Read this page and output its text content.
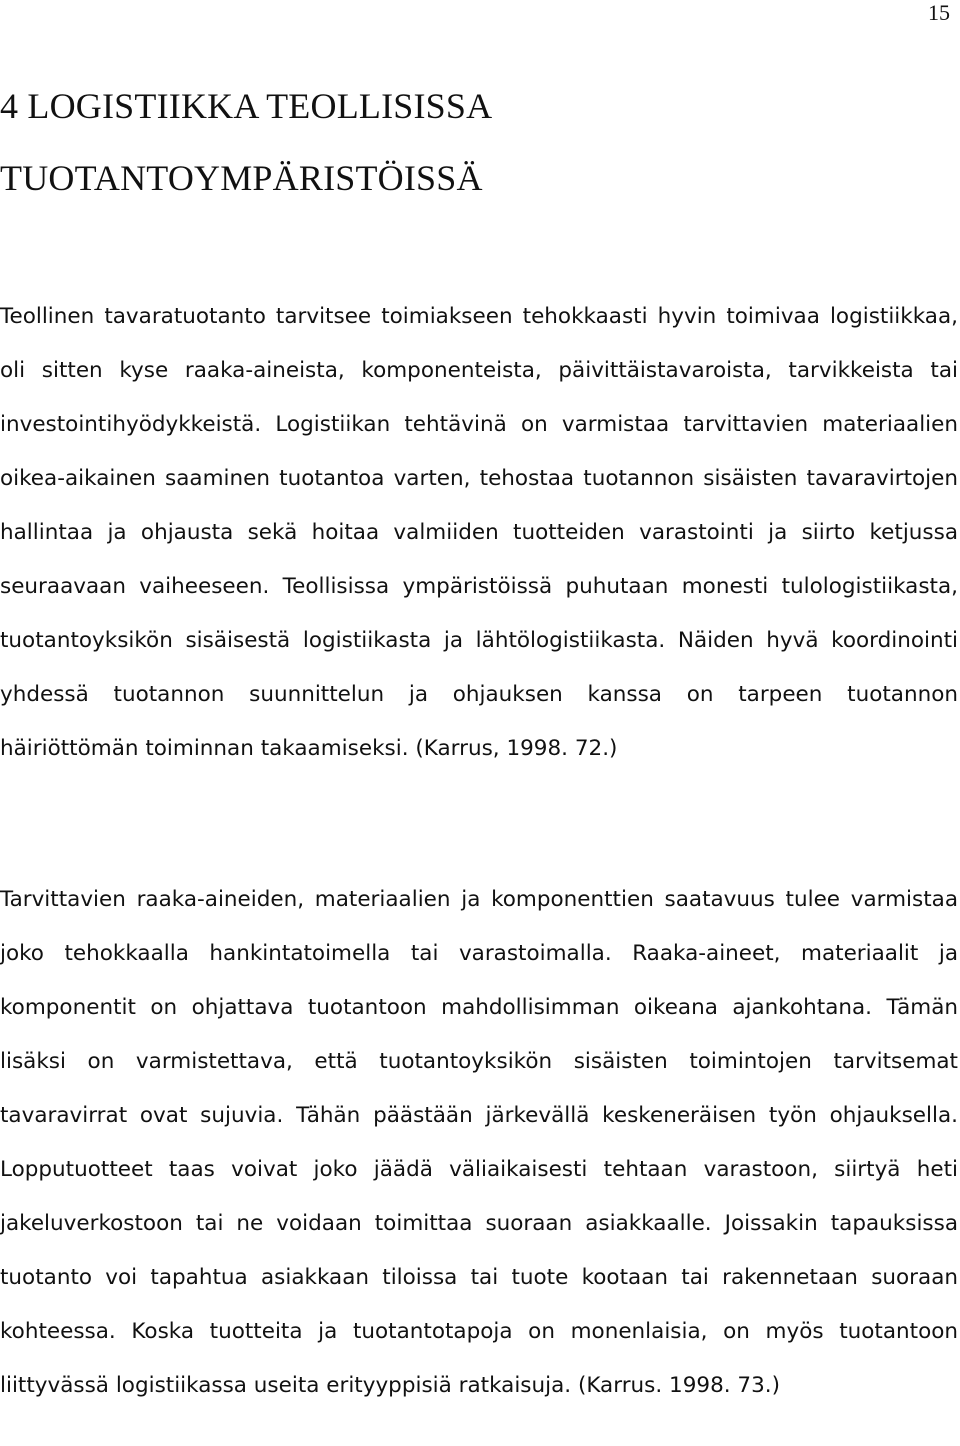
15
4 LOGISTIIKKA TEOLLISISSA TUOTANTOYMPÄRISTÖISSÄ

Teollinen tavaratuotanto tarvitsee toimiakseen tehokkaasti hyvin toimivaa logistiikkaa, oli sitten kyse raaka-aineista, komponenteista, päivittäistavaroista, tarvikkeista tai investointihyödykkeistä. Logistiikan tehtävinä on varmistaa tarvittavien materiaalien oikea-aikainen saaminen tuotantoa varten, tehostaa tuotannon sisäisten tavaravirtojen hallintaa ja ohjausta sekä hoitaa valmiiden tuotteiden varastointi ja siirto ketjussa seuraavaan vaiheeseen. Teollisissa ympäristöissä puhutaan monesti tulologistiikasta, tuotantoyksikön sisäisestä logistiikasta ja lähtölogistiikasta. Näiden hyvä koordinointi yhdessä tuotannon suunnittelun ja ohjauksen kanssa on tarpeen tuotannon häiriöttömän toiminnan takaamiseksi. (Karrus, 1998. 72.)

Tarvittavien raaka-aineiden, materiaalien ja komponenttien saatavuus tulee varmistaa joko tehokkaalla hankintatoimella tai varastoimalla. Raaka-aineet, materiaalit ja komponentit on ohjattava tuotantoon mahdollisimman oikeana ajankohtana. Tämän lisäksi on varmistettava, että tuotantoyksikön sisäisten toimintojen tarvitsemat tavaravirrat ovat sujuvia. Tähän päästään järkevällä keskeneräisen työn ohjauksella. Lopputuotteet taas voivat joko jäädä väliaikaisesti tehtaan varastoon, siirtyä heti jakeluverkostoon tai ne voidaan toimittaa suoraan asiakkaalle. Joissakin tapauksissa tuotanto voi tapahtua asiakkaan tiloissa tai tuote kootaan tai rakennetaan suoraan kohteessa. Koska tuotteita ja tuotantotapoja on monenlaisia, on myös tuotantoon liittyvässä logistiikassa useita erityyppisiä ratkaisuja. (Karrus. 1998. 73.)
